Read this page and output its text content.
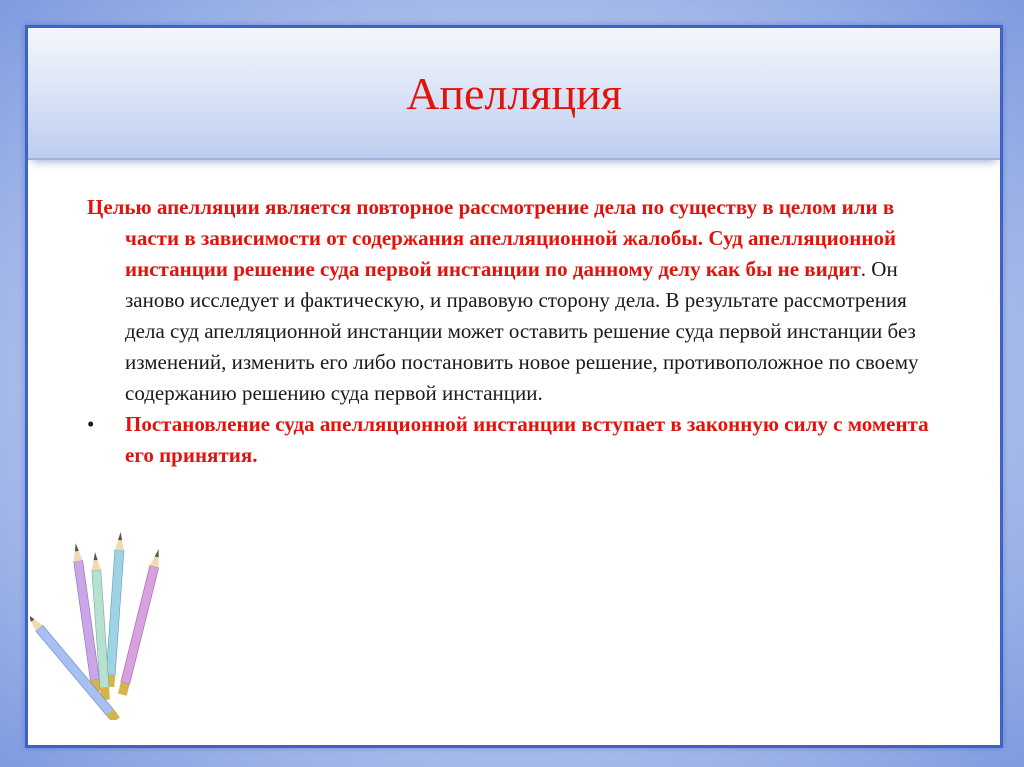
Апелляция

Целью апелляции является повторное рассмотрение дела по существу в целом или в части в зависимости от содержания апелляционной жалобы. Суд апелляционной инстанции решение суда первой инстанции по данному делу как бы не видит. Он заново исследует и фактическую, и правовую сторону дела. В результате рассмотрения дела суд апелляционной инстанции может оставить решение суда первой инстанции без изменений, изменить его либо постановить новое решение, противоположное по своему содержанию решению суда первой инстанции.

•	Постановление суда апелляционной инстанции вступает в законную силу с момента его принятия.
